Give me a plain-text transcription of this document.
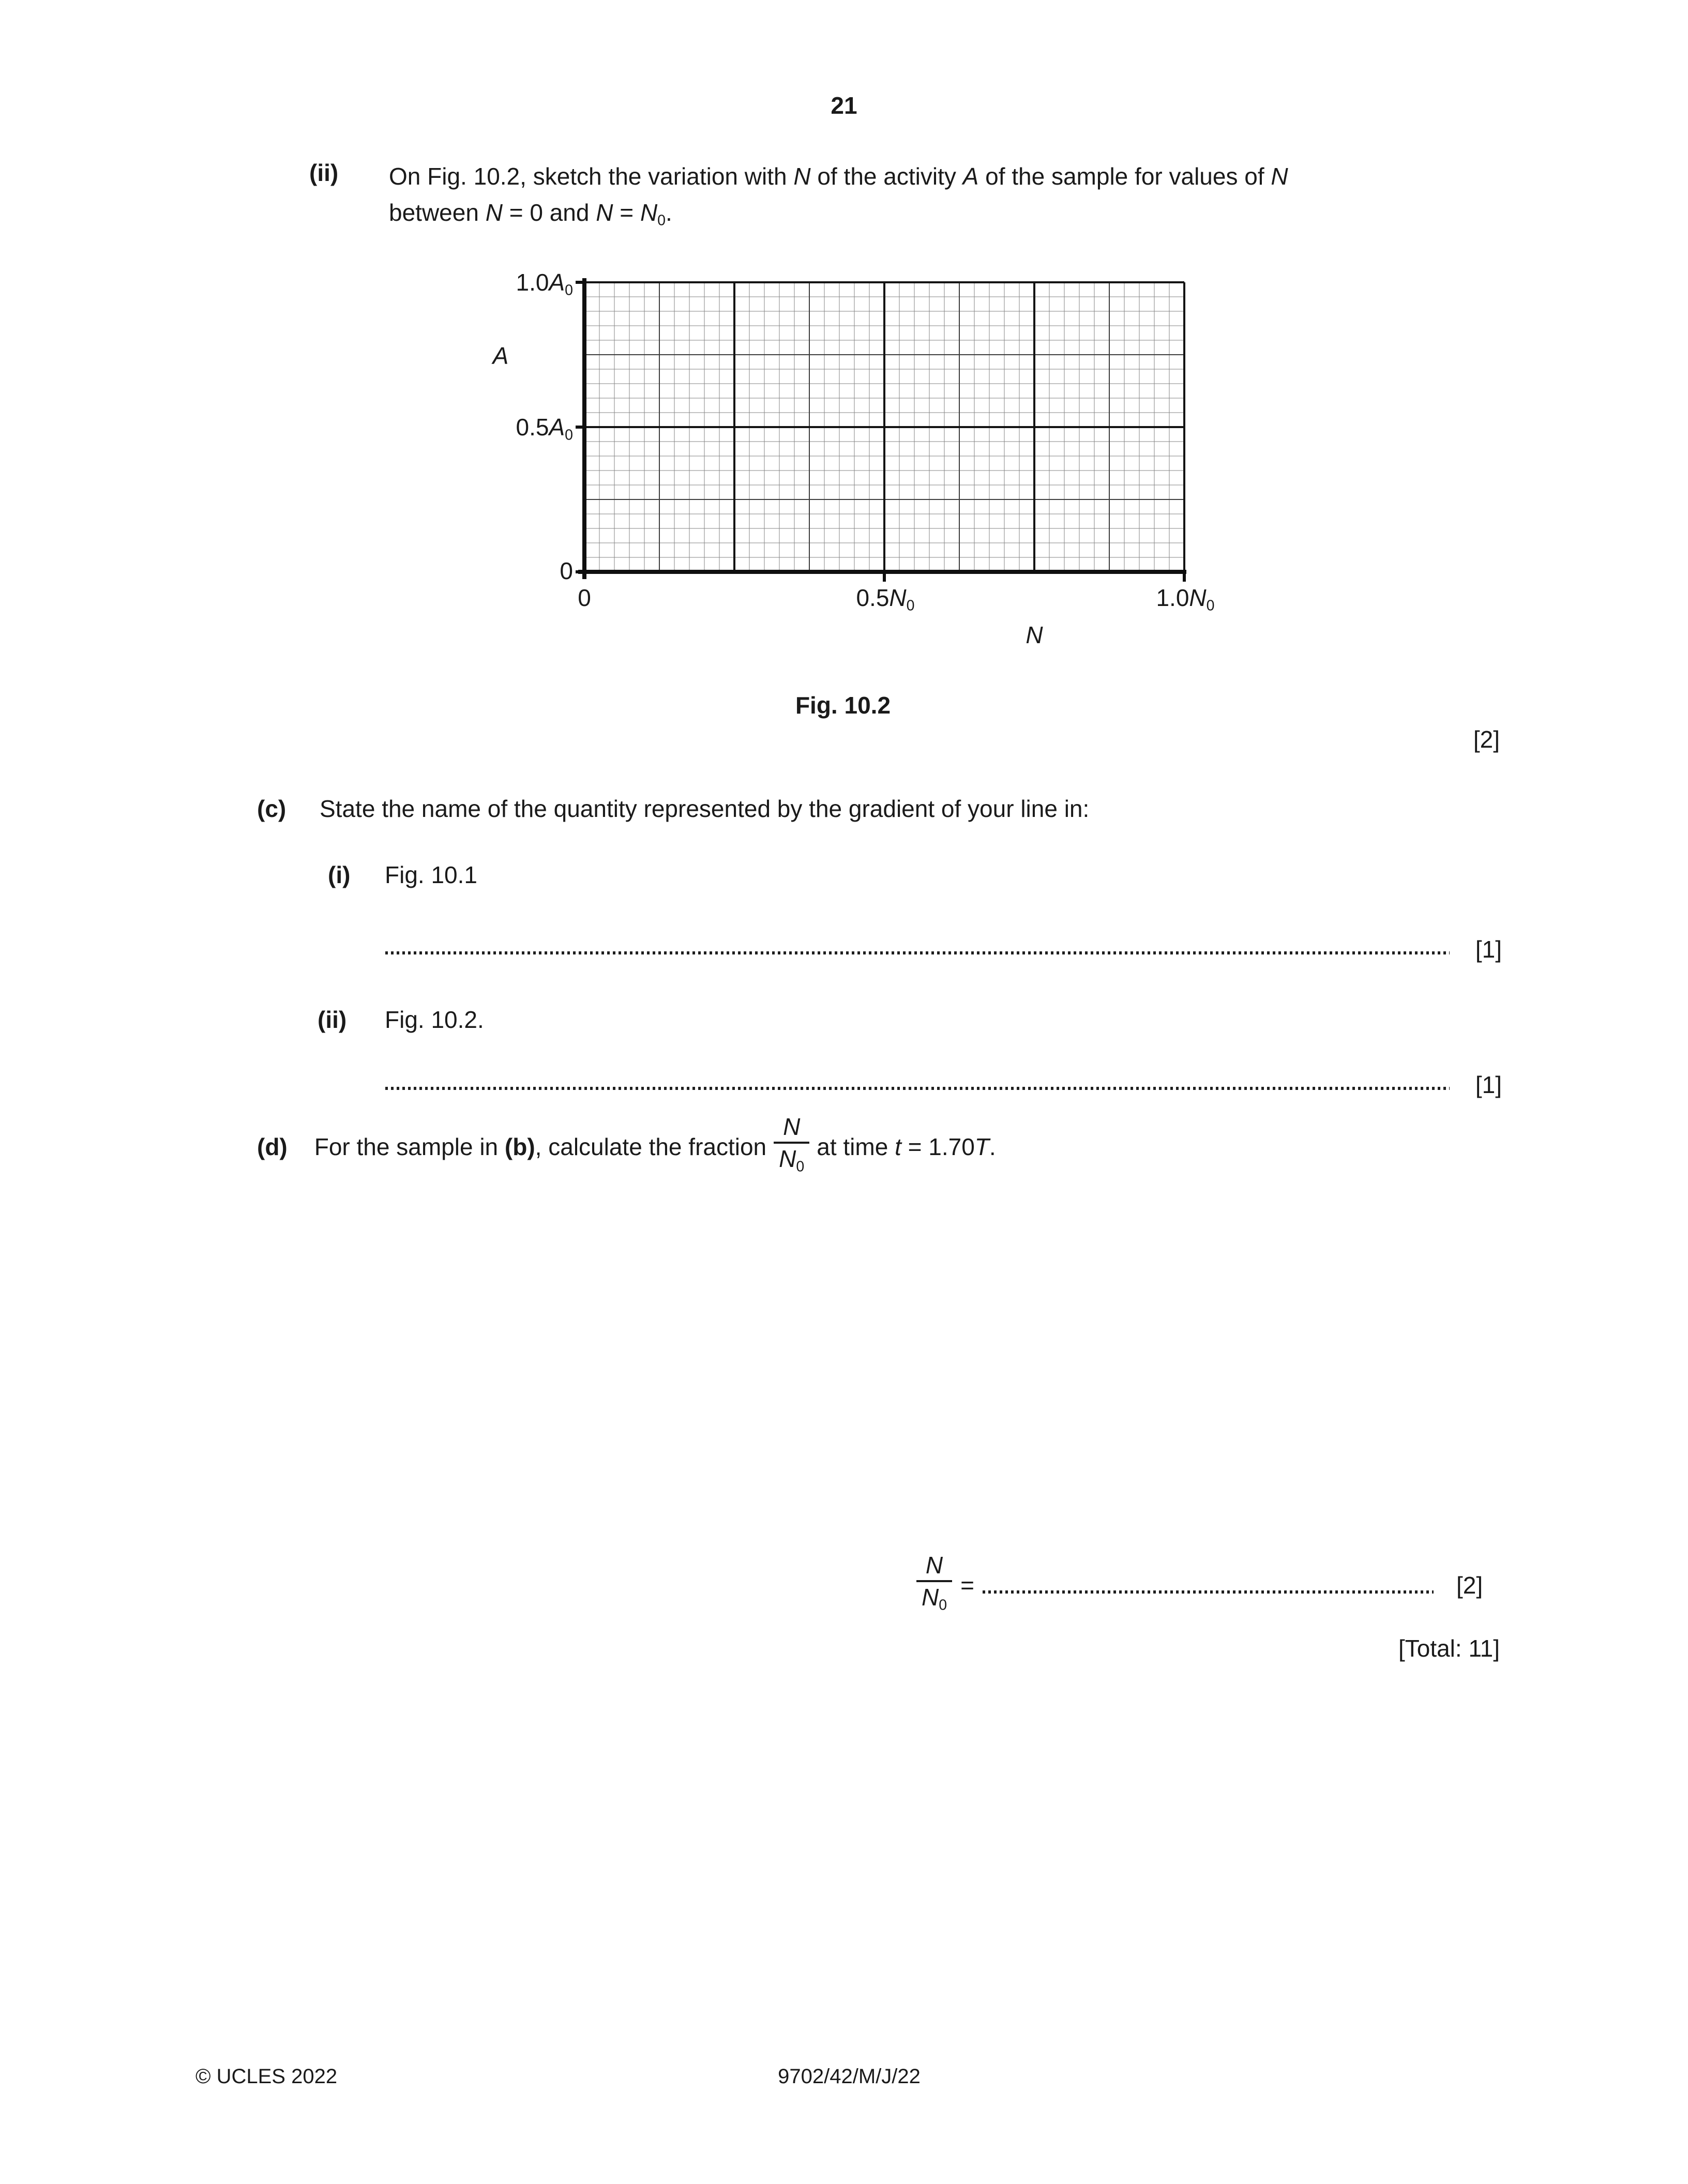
21
(ii) On Fig. 10.2, sketch the variation with N of the activity A of the sample for values of N
between N = 0 and N = N0.
1.0A0
A
0.5A0
0
0	0.5N0	1.0N0
N
Fig. 10.2
[2]
(c) State the name of the quantity represented by the gradient of your line in:
(i) Fig. 10.1
[1]
(ii) Fig. 10.2.
[1]
(d) For the sample in (b), calculate the fraction $\frac{N}{N0}$ at time t = 1.70T.
$\frac{N}{N0}$ =	[2]
[Total: 11]
© UCLES 2022	9702/42/M/J/22
